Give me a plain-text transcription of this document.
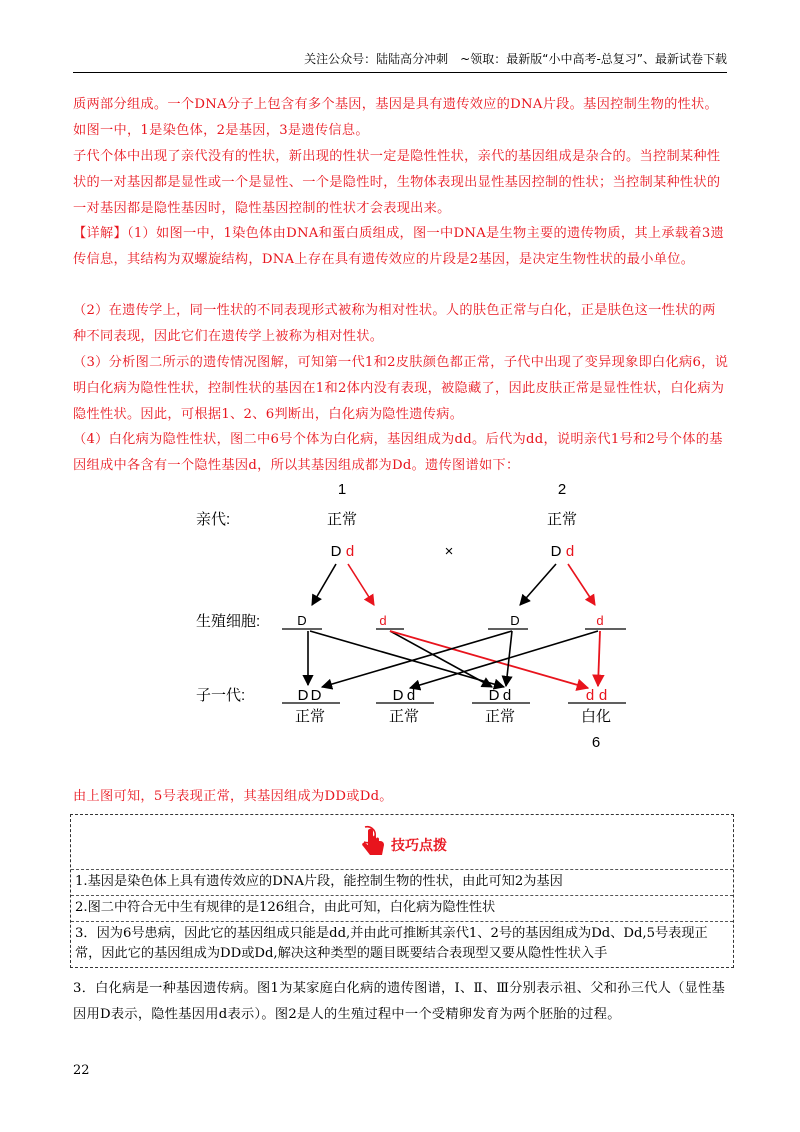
关注公众号：陆陆高分冲刺　~领取：最新版“小中高考-总复习”、最新试卷下载
质两部分组成。一个DNA分子上包含有多个基因，基因是具有遗传效应的DNA片段。基因控制生物的性状。如图一中，1是染色体，2是基因，3是遗传信息。
子代个体中出现了亲代没有的性状，新出现的性状一定是隐性性状，亲代的基因组成是杂合的。当控制某种性状的一对基因都是显性或一个是显性、一个是隐性时，生物体表现出显性基因控制的性状；当控制某种性状的一对基因都是隐性基因时，隐性基因控制的性状才会表现出来。
【详解】（1）如图一中，1染色体由DNA和蛋白质组成，图一中DNA是生物主要的遗传物质，其上承载着3遗传信息，其结构为双螺旋结构，DNA上存在具有遗传效应的片段是2基因，是决定生物性状的最小单位。
（2）在遗传学上，同一性状的不同表现形式被称为相对性状。人的肤色正常与白化，正是肤色这一性状的两种不同表现，因此它们在遗传学上被称为相对性状。
（3）分析图二所示的遗传情况图解，可知第一代1和2皮肤颜色都正常，子代中出现了变异现象即白化病6，说明白化病为隐性性状，控制性状的基因在1和2体内没有表现，被隐藏了，因此皮肤正常是显性性状，白化病为隐性性状。因此，可根据1、2、6判断出，白化病为隐性遗传病。
（4）白化病为隐性性状，图二中6号个体为白化病，基因组成为dd。后代为dd，说明亲代1号和2号个体的基因组成中各含有一个隐性基因d，所以其基因组成都为Dd。遗传图谱如下：
1	2
亲代:	正常	正常
D d	×	D d
生殖细胞:	D	d	D	d
子一代:	D D	D d	D d	d d
正常	正常	正常	白化
6
由上图可知，5号表现正常，其基因组成为DD或Dd。
技巧点拨
1.基因是染色体上具有遗传效应的DNA片段，能控制生物的性状，由此可知2为基因
2.图二中符合无中生有规律的是126组合，由此可知，白化病为隐性性状
3．因为6号患病，因此它的基因组成只能是dd,并由此可推断其亲代1、2号的基因组成为Dd、Dd,5号表现正常，因此它的基因组成为DD或Dd,解决这种类型的题目既要结合表现型又要从隐性性状入手
3．白化病是一种基因遗传病。图1为某家庭白化病的遗传图谱，Ⅰ、Ⅱ、Ⅲ分别表示祖、父和孙三代人（显性基因用D表示，隐性基因用d表示）。图2是人的生殖过程中一个受精卵发育为两个胚胎的过程。
22
